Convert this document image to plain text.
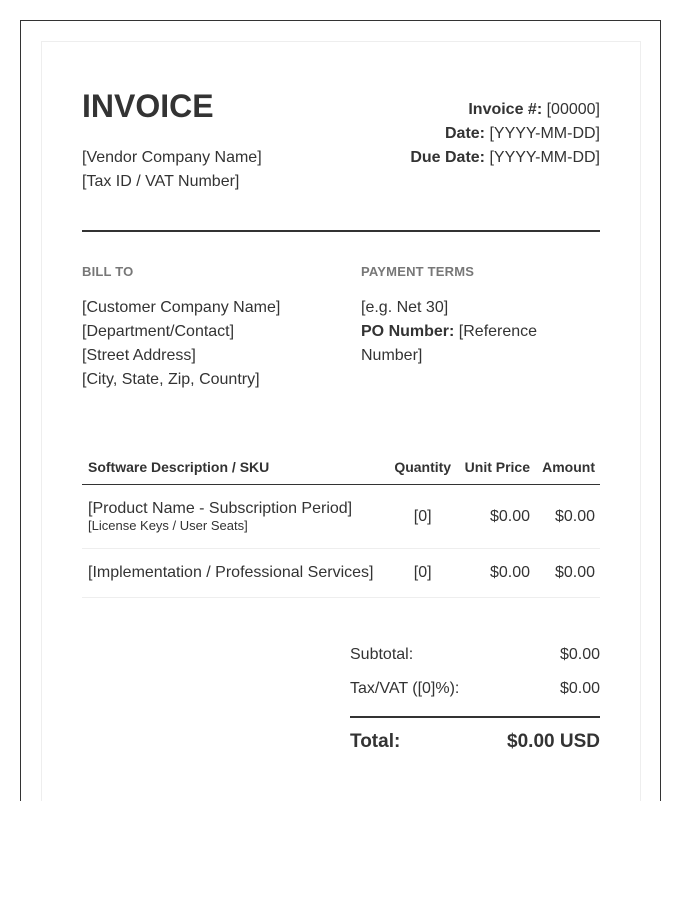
INVOICE
[Vendor Company Name]
[Tax ID / VAT Number]
Invoice #: [00000]
Date: [YYYY-MM-DD]
Due Date: [YYYY-MM-DD]
BILL TO	PAYMENT TERMS
[Customer Company Name]
[Department/Contact]
[Street Address]
[City, State, Zip, Country]
[e.g. Net 30]
PO Number: [Reference
Number]
Software Description / SKU	Quantity	Unit Price	Amount

[Product Name - Subscription Period]
[License Keys / User Seats]	[0]	$0.00	$0.00
[Implementation / Professional Services]	[0]	$0.00	$0.00
Subtotal:	$0.00
Tax/VAT ([0]%):	$0.00
Total:	$0.00 USD
